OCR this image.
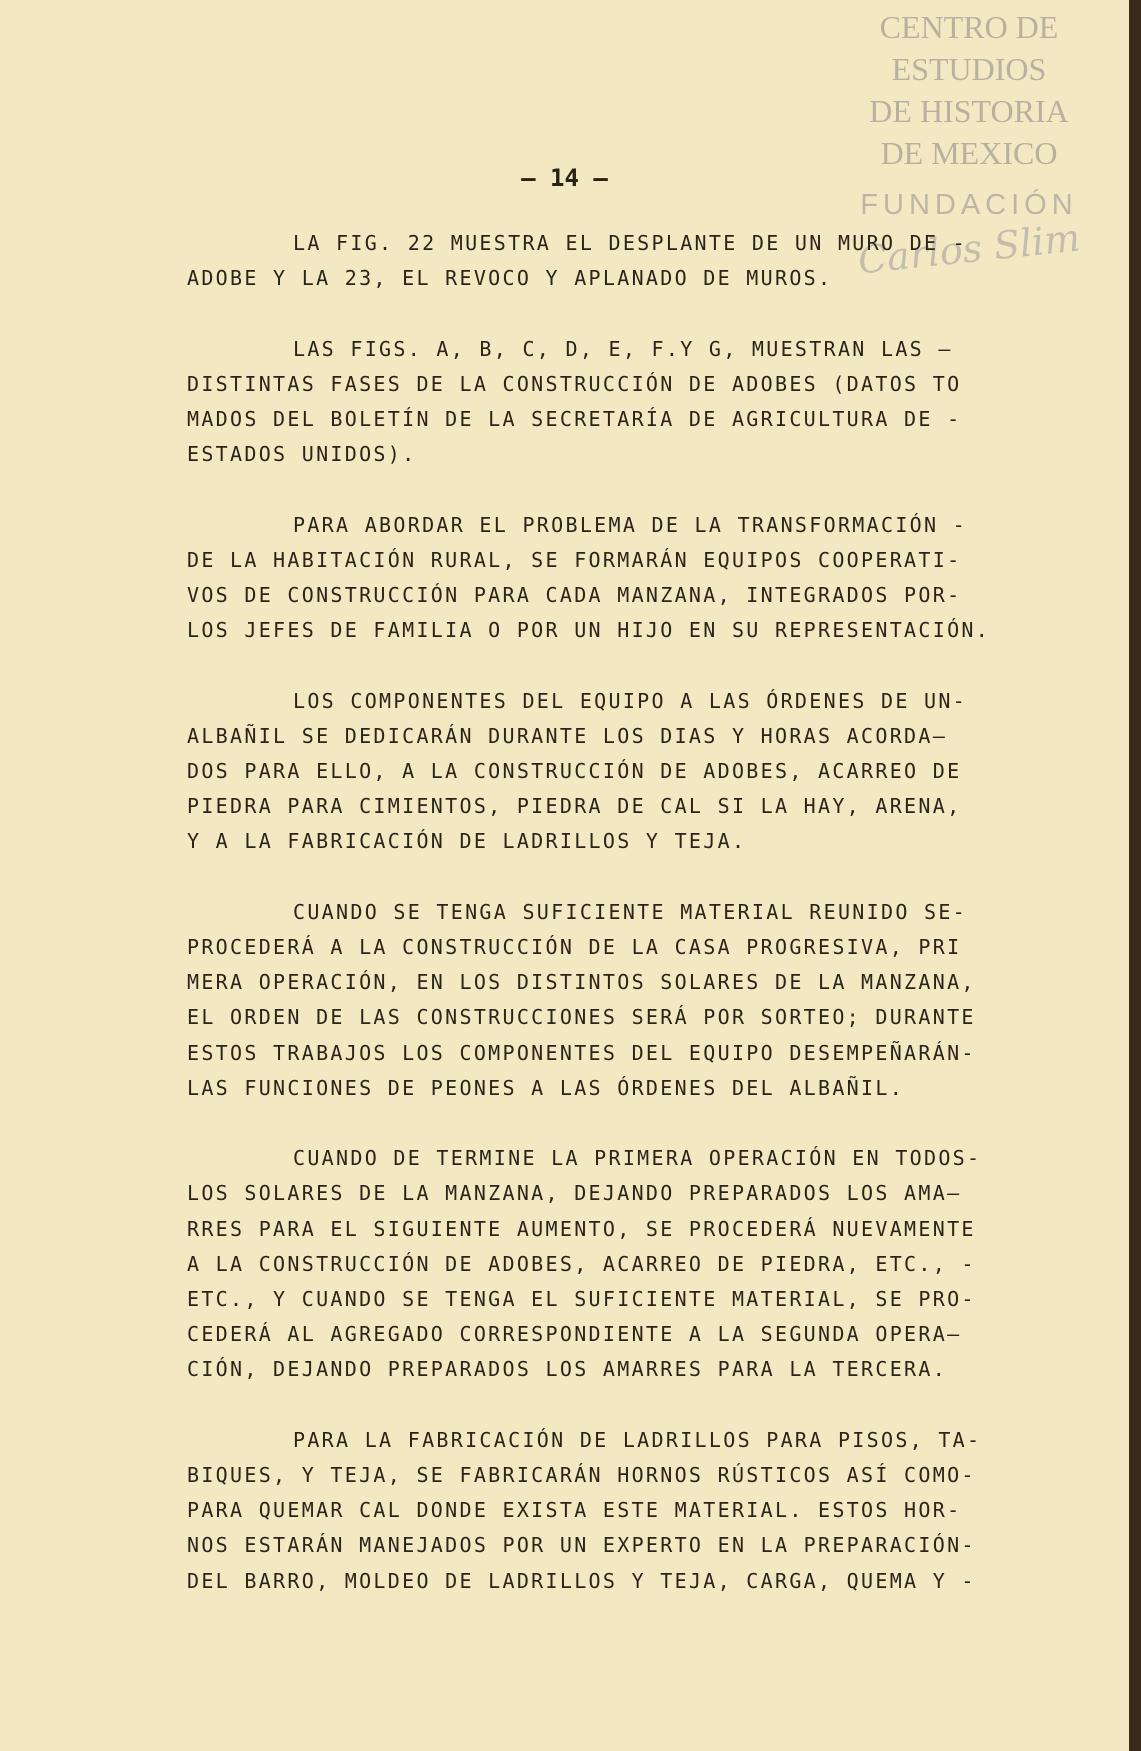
CENTRO DE
ESTUDIOS
DE HISTORIA
DE MEXICO
FUNDACIÓN
Carlos Slim
— 14 —
LA FIG. 22 MUESTRA EL DESPLANTE DE UN MURO DE -
ADOBE Y LA 23, EL REVOCO Y APLANADO DE MUROS.
LAS FIGS. A, B, C, D, E, F.Y G, MUESTRAN LAS —
DISTINTAS FASES DE LA CONSTRUCCIÓN DE ADOBES (DATOS TO
MADOS DEL BOLETÍN DE LA SECRETARÍA DE AGRICULTURA DE -
ESTADOS UNIDOS).
PARA ABORDAR EL PROBLEMA DE LA TRANSFORMACIÓN -
DE LA HABITACIÓN RURAL, SE FORMARÁN EQUIPOS COOPERATI-
VOS DE CONSTRUCCIÓN PARA CADA MANZANA, INTEGRADOS POR-
LOS JEFES DE FAMILIA O POR UN HIJO EN SU REPRESENTACIÓN.
LOS COMPONENTES DEL EQUIPO A LAS ÓRDENES DE UN-
ALBAÑIL SE DEDICARÁN DURANTE LOS DIAS Y HORAS ACORDA—
DOS PARA ELLO, A LA CONSTRUCCIÓN DE ADOBES, ACARREO DE
PIEDRA PARA CIMIENTOS, PIEDRA DE CAL SI LA HAY, ARENA,
Y A LA FABRICACIÓN DE LADRILLOS Y TEJA.
CUANDO SE TENGA SUFICIENTE MATERIAL REUNIDO SE-
PROCEDERÁ A LA CONSTRUCCIÓN DE LA CASA PROGRESIVA, PRI
MERA OPERACIÓN, EN LOS DISTINTOS SOLARES DE LA MANZANA,
EL ORDEN DE LAS CONSTRUCCIONES SERÁ POR SORTEO; DURANTE
ESTOS TRABAJOS LOS COMPONENTES DEL EQUIPO DESEMPEÑARÁN-
LAS FUNCIONES DE PEONES A LAS ÓRDENES DEL ALBAÑIL.
CUANDO DE TERMINE LA PRIMERA OPERACIÓN EN TODOS-
LOS SOLARES DE LA MANZANA, DEJANDO PREPARADOS LOS AMA—
RRES PARA EL SIGUIENTE AUMENTO, SE PROCEDERÁ NUEVAMENTE
A LA CONSTRUCCIÓN DE ADOBES, ACARREO DE PIEDRA, ETC., -
ETC., Y CUANDO SE TENGA EL SUFICIENTE MATERIAL, SE PRO-
CEDERÁ AL AGREGADO CORRESPONDIENTE A LA SEGUNDA OPERA—
CIÓN, DEJANDO PREPARADOS LOS AMARRES PARA LA TERCERA.
PARA LA FABRICACIÓN DE LADRILLOS PARA PISOS, TA-
BIQUES, Y TEJA, SE FABRICARÁN HORNOS RÚSTICOS ASÍ COMO-
PARA QUEMAR CAL DONDE EXISTA ESTE MATERIAL. ESTOS HOR-
NOS ESTARÁN MANEJADOS POR UN EXPERTO EN LA PREPARACIÓN-
DEL BARRO, MOLDEO DE LADRILLOS Y TEJA, CARGA, QUEMA Y -
